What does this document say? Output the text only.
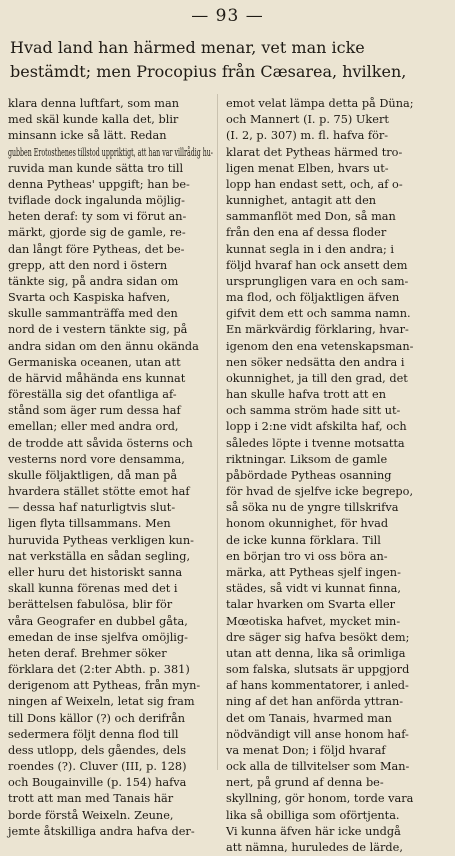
— 93 —
Hvad land han härmed menar, vet man icke
bestämdt; men Procopius från Cæsarea, hvilken,
klara denna luftfart, som man
med skäl kunde kalla det, blir
minsann icke så lätt. Redan
gubben Erotosthenes tillstod uppriktigt, att han var villrådig hu-
ruvida man kunde sätta tro till
denna Pytheas' uppgift; han be-
tviflade dock ingalunda möjlig-
heten deraf: ty som vi förut an-
märkt, gjorde sig de gamle, re-
dan långt före Pytheas, det be-
grepp, att den nord i östern
tänkte sig, på andra sidan om
Svarta och Kaspiska hafven,
skulle sammanträffa med den
nord de i vestern tänkte sig, på
andra sidan om den ännu okända
Germaniska oceanen, utan att
de härvid måhända ens kunnat
föreställa sig det ofantliga af-
stånd som äger rum dessa haf
emellan; eller med andra ord,
de trodde att såvida österns och
vesterns nord vore densamma,
skulle följaktligen, då man på
hvardera stället stötte emot haf
— dessa haf naturligtvis slut-
ligen flyta tillsammans. Men
huruvida Pytheas verkligen kun-
nat verkställa en sådan segling,
eller huru det historiskt sanna
skall kunna förenas med det i
berättelsen fabulösa, blir för
våra Geografer en dubbel gåta,
emedan de inse sjelfva omöjlig-
heten deraf. Brehmer söker
förklara det (2:ter Abth. p. 381)
derigenom att Pytheas, från myn-
ningen af Weixeln, letat sig fram
till Dons källor (?) och derifrån
sedermera följt denna flod till
dess utlopp, dels gåendes, dels
roendes (?). Cluver (III, p. 128)
och Bougainville (p. 154) hafva
trott att man med Tanais här
borde förstå Weixeln. Zeune,
jemte åtskilliga andra hafva der-
emot velat lämpa detta på Düna;
och Mannert (I. p. 75) Ukert
(I. 2, p. 307) m. fl. hafva för-
klarat det Pytheas härmed tro-
ligen menat Elben, hvars ut-
lopp han endast sett, och, af o-
kunnighet, antagit att den
sammanflöt med Don, så man
från den ena af dessa floder
kunnat segla in i den andra; i
följd hvaraf han ock ansett dem
ursprungligen vara en och sam-
ma flod, och följaktligen äfven
gifvit dem ett och samma namn.
En märkvärdig förklaring, hvar-
igenom den ena vetenskapsman-
nen söker nedsätta den andra i
okunnighet, ja till den grad, det
han skulle hafva trott att en
och samma ström hade sitt ut-
lopp i 2:ne vidt afskilta haf, och
således löpte i tvenne motsatta
riktningar. Liksom de gamle
påbördade Pytheas osanning
för hvad de sjelfve icke begrepo,
så söka nu de yngre tillskrifva
honom okunnighet, för hvad
de icke kunna förklara. Till
en början tro vi oss böra an-
märka, att Pytheas sjelf ingen-
städes, så vidt vi kunnat finna,
talar hvarken om Svarta eller
Mœotiska hafvet, mycket min-
dre säger sig hafva besökt dem;
utan att denna, lika så orimliga
som falska, slutsats är uppgjord
af hans kommentatorer, i anled-
ning af det han anförda yttran-
det om Tanais, hvarmed man
nödvändigt vill anse honom haf-
va menat Don; i följd hvaraf
ock alla de tillvitelser som Man-
nert, på grund af denna be-
skyllning, gör honom, torde vara
lika så obilliga som oförtjenta.
Vi kunna äfven här icke undgå
att nämna, huruledes de lärde,
